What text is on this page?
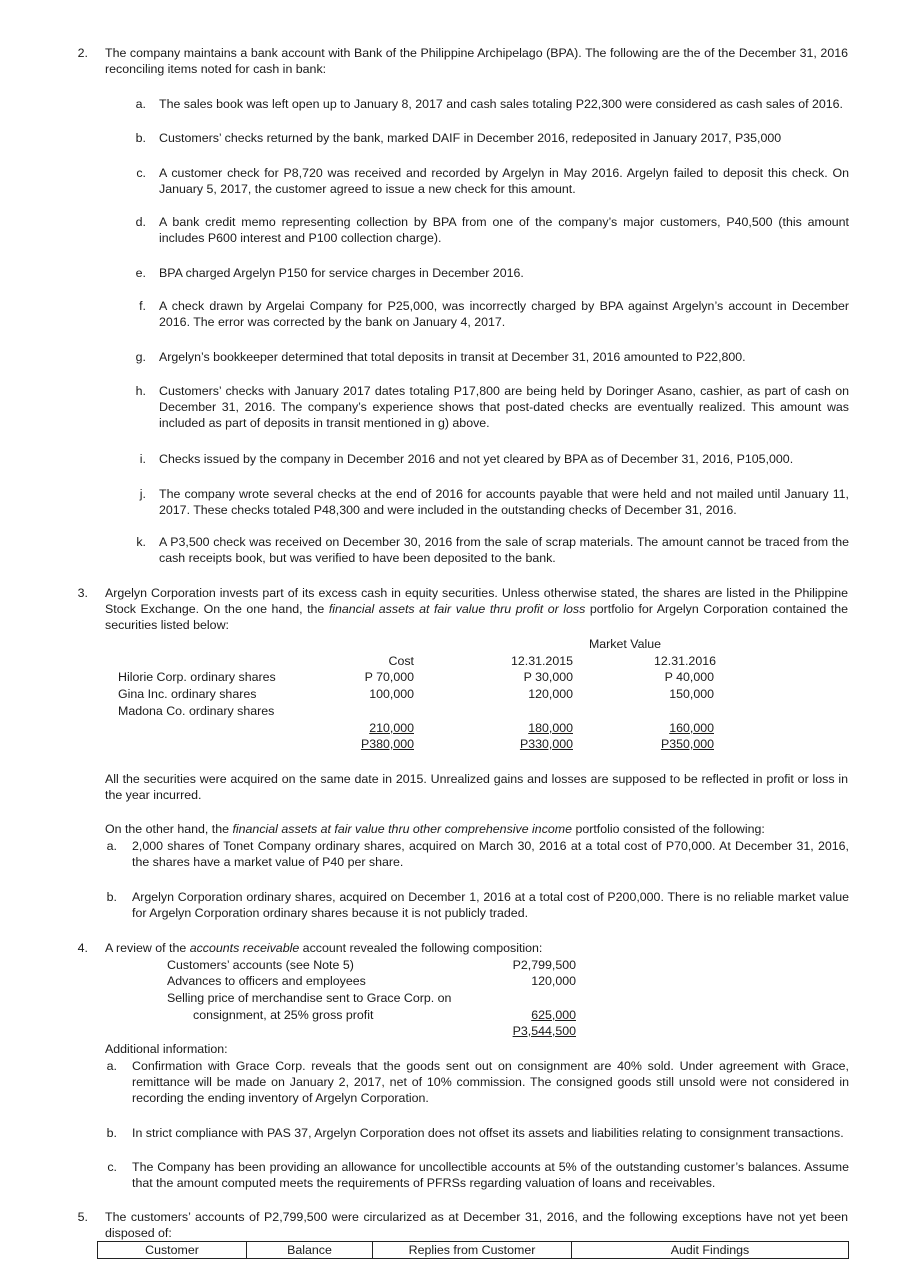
2. The company maintains a bank account with Bank of the Philippine Archipelago (BPA). The following are the of the December 31, 2016 reconciling items noted for cash in bank:
a. The sales book was left open up to January 8, 2017 and cash sales totaling P22,300 were considered as cash sales of 2016.
b. Customers’ checks returned by the bank, marked DAIF in December 2016, redeposited in January 2017, P35,000
c. A customer check for P8,720 was received and recorded by Argelyn in May 2016. Argelyn failed to deposit this check. On January 5, 2017, the customer agreed to issue a new check for this amount.
d. A bank credit memo representing collection by BPA from one of the company’s major customers, P40,500 (this amount includes P600 interest and P100 collection charge).
e. BPA charged Argelyn P150 for service charges in December 2016.
f. A check drawn by Argelai Company for P25,000, was incorrectly charged by BPA against Argelyn’s account in December 2016. The error was corrected by the bank on January 4, 2017.
g. Argelyn’s bookkeeper determined that total deposits in transit at December 31, 2016 amounted to P22,800.
h. Customers’ checks with January 2017 dates totaling P17,800 are being held by Doringer Asano, cashier, as part of cash on December 31, 2016. The company’s experience shows that post-dated checks are eventually realized. This amount was included as part of deposits in transit mentioned in g) above.
i. Checks issued by the company in December 2016 and not yet cleared by BPA as of December 31, 2016, P105,000.
j. The company wrote several checks at the end of 2016 for accounts payable that were held and not mailed until January 11, 2017. These checks totaled P48,300 and were included in the outstanding checks of December 31, 2016.
k. A P3,500 check was received on December 30, 2016 from the sale of scrap materials. The amount cannot be traced from the cash receipts book, but was verified to have been deposited to the bank.
3. Argelyn Corporation invests part of its excess cash in equity securities. Unless otherwise stated, the shares are listed in the Philippine Stock Exchange. On the one hand, the financial assets at fair value thru profit or loss portfolio for Argelyn Corporation contained the securities listed below:
Market Value
Cost	12.31.2015	12.31.2016
Hilorie Corp. ordinary shares	P 70,000	P 30,000	P 40,000
Gina Inc. ordinary shares	100,000	120,000	150,000
Madona Co. ordinary shares
210,000	180,000	160,000
P380,000	P330,000	P350,000
All the securities were acquired on the same date in 2015. Unrealized gains and losses are supposed to be reflected in profit or loss in the year incurred.
On the other hand, the financial assets at fair value thru other comprehensive income portfolio consisted of the following:
a. 2,000 shares of Tonet Company ordinary shares, acquired on March 30, 2016 at a total cost of P70,000. At December 31, 2016, the shares have a market value of P40 per share.
b. Argelyn Corporation ordinary shares, acquired on December 1, 2016 at a total cost of P200,000. There is no reliable market value for Argelyn Corporation ordinary shares because it is not publicly traded.
4. A review of the accounts receivable account revealed the following composition:
Customers’ accounts (see Note 5)	P2,799,500
Advances to officers and employees	120,000
Selling price of merchandise sent to Grace Corp. on
consignment, at 25% gross profit	625,000
P3,544,500
Additional information:
a. Confirmation with Grace Corp. reveals that the goods sent out on consignment are 40% sold. Under agreement with Grace, remittance will be made on January 2, 2017, net of 10% commission. The consigned goods still unsold were not considered in recording the ending inventory of Argelyn Corporation.
b. In strict compliance with PAS 37, Argelyn Corporation does not offset its assets and liabilities relating to consignment transactions.
c. The Company has been providing an allowance for uncollectible accounts at 5% of the outstanding customer’s balances. Assume that the amount computed meets the requirements of PFRSs regarding valuation of loans and receivables.
5. The customers’ accounts of P2,799,500 were circularized as at December 31, 2016, and the following exceptions have not yet been disposed of:
Customer	Balance	Replies from Customer	Audit Findings
